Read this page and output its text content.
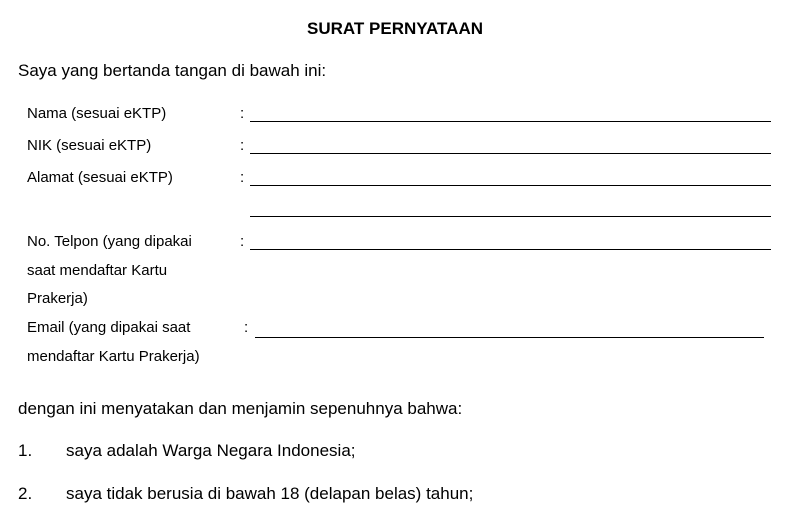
SURAT PERNYATAAN
Saya yang bertanda tangan di bawah ini:
Nama (sesuai eKTP)	:
NIK (sesuai eKTP)	:
Alamat (sesuai eKTP)	:
No. Telpon (yang dipakai
saat mendaftar Kartu
Prakerja)
:
Email (yang dipakai saat
mendaftar Kartu Prakerja)
:
dengan ini menyatakan dan menjamin sepenuhnya bahwa:
1. saya adalah Warga Negara Indonesia;
2. saya tidak berusia di bawah 18 (delapan belas) tahun;
